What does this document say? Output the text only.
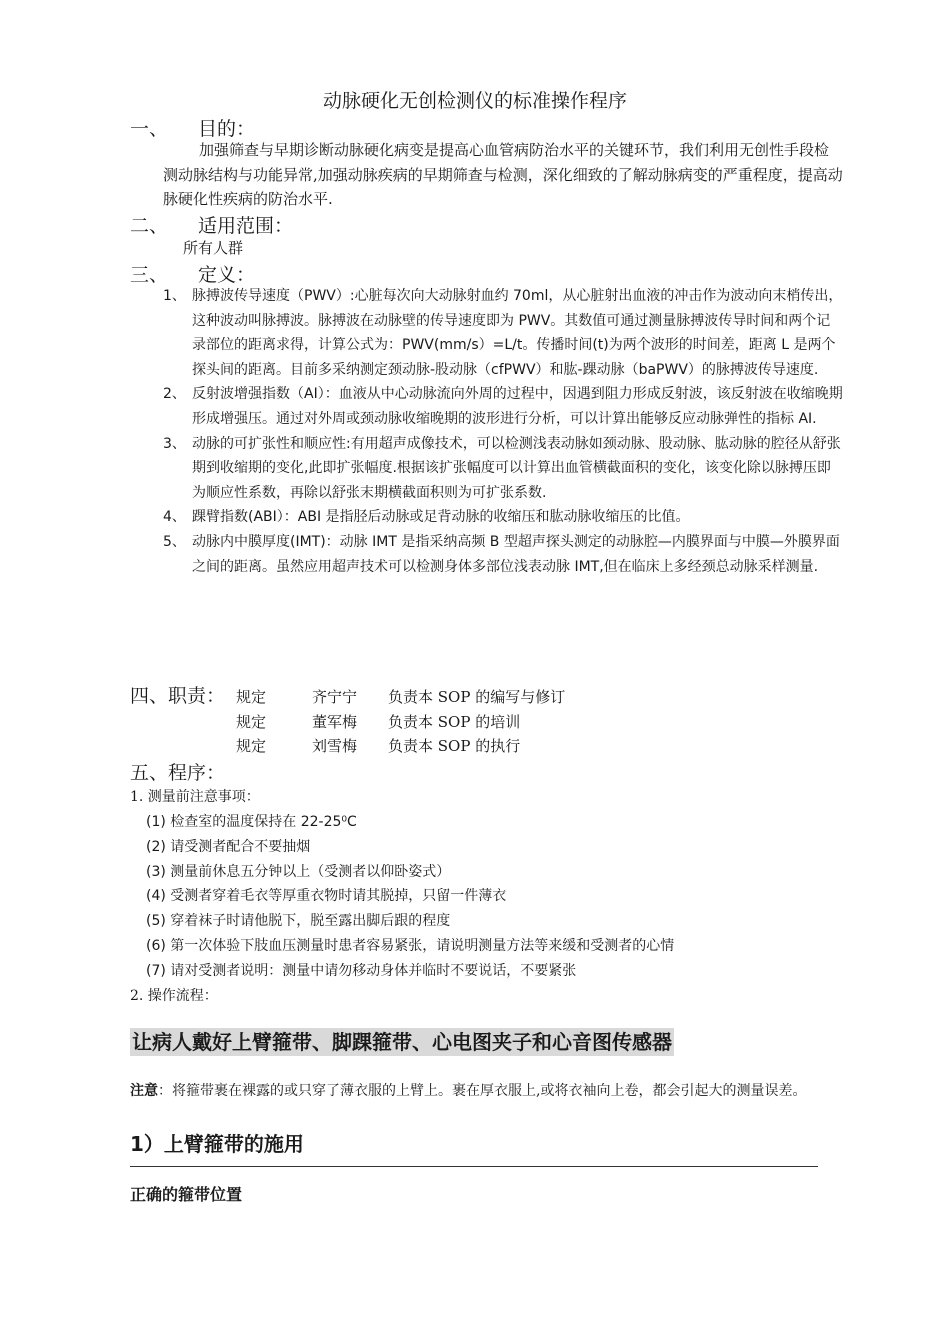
动脉硬化无创检测仪的标准操作程序
一、 目的：
加强筛查与早期诊断动脉硬化病变是提高心血管病防治水平的关键环节，我们利用无创性手段检测动脉结构与功能异常,加强动脉疾病的早期筛查与检测，深化细致的了解动脉病变的严重程度，提高动脉硬化性疾病的防治水平.
二、 适用范围：
所有人群
三、 定义：
1、 脉搏波传导速度（PWV）:心脏每次向大动脉射血约 70ml，从心脏射出血液的冲击作为波动向末梢传出，这种波动叫脉搏波。脉搏波在动脉壁的传导速度即为 PWV。其数值可通过测量脉搏波传导时间和两个记录部位的距离求得，计算公式为：PWV(mm/s）=L/t。传播时间(t)为两个波形的时间差，距离 L 是两个探头间的距离。目前多采纳测定颈动脉-股动脉（cfPWV）和肱-踝动脉（baPWV）的脉搏波传导速度.
2、 反射波增强指数（AI）：血液从中心动脉流向外周的过程中，因遇到阻力形成反射波，该反射波在收缩晚期形成增强压。通过对外周或颈动脉收缩晚期的波形进行分析，可以计算出能够反应动脉弹性的指标 AI.
3、 动脉的可扩张性和顺应性:有用超声成像技术，可以检测浅表动脉如颈动脉、股动脉、肱动脉的腔径从舒张期到收缩期的变化,此即扩张幅度.根据该扩张幅度可以计算出血管横截面积的变化，该变化除以脉搏压即为顺应性系数，再除以舒张末期横截面积则为可扩张系数.
4、 踝臂指数(ABI）：ABI 是指胫后动脉或足背动脉的收缩压和肱动脉收缩压的比值。
5、 动脉内中膜厚度(IMT)：动脉 IMT 是指采纳高频 B 型超声探头测定的动脉腔—内膜界面与中膜—外膜界面之间的距离。虽然应用超声技术可以检测身体多部位浅表动脉 IMT,但在临床上多经颈总动脉采样测量.
四、职责： 规定	齐宁宁 负责本 SOP 的编写与修订
规定	董军梅 负责本 SOP 的培训
规定	刘雪梅 负责本 SOP 的执行
五、程序：
1. 测量前注意事项：
(1) 检查室的温度保持在 22-25⁰C
(2) 请受测者配合不要抽烟
(3) 测量前休息五分钟以上（受测者以仰卧姿式）
(4) 受测者穿着毛衣等厚重衣物时请其脱掉，只留一件薄衣
(5) 穿着袜子时请他脱下，脱至露出脚后跟的程度
(6) 第一次体验下肢血压测量时患者容易紧张，请说明测量方法等来缓和受测者的心情
(7) 请对受测者说明：测量中请勿移动身体并临时不要说话，不要紧张
2. 操作流程：
让病人戴好上臂箍带、脚踝箍带、心电图夹子和心音图传感器
注意：将箍带裹在裸露的或只穿了薄衣服的上臂上。裹在厚衣服上,或将衣袖向上卷，都会引起大的测量误差。
1）上臂箍带的施用
正确的箍带位置
